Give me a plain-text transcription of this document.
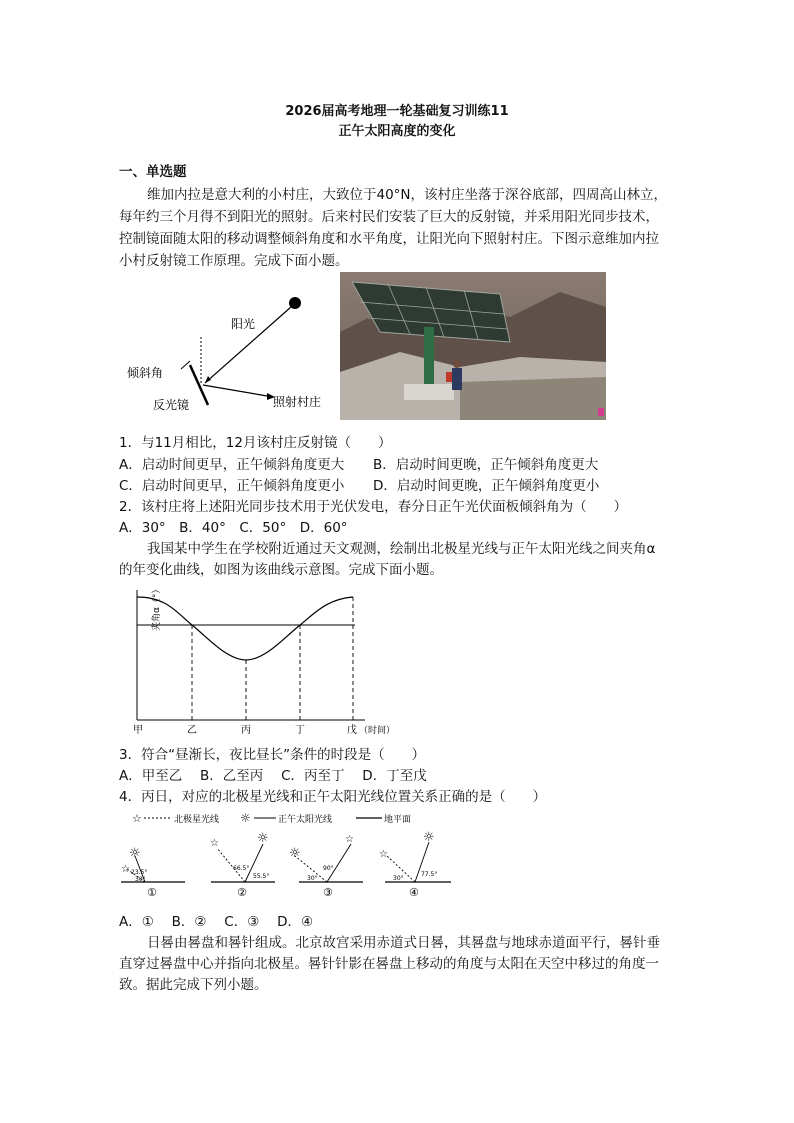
2026届高考地理一轮基础复习训练11
正午太阳高度的变化
一、单选题
维加内拉是意大利的小村庄，大致位于40°N，该村庄坐落于深谷底部，四周高山林立，
每年约三个月得不到阳光的照射。后来村民们安装了巨大的反射镜，并采用阳光同步技术，
控制镜面随太阳的移动调整倾斜角度和水平角度，让阳光向下照射村庄。下图示意维加内拉
小村反射镜工作原理。完成下面小题。
阳光
倾斜角
反光镜	照射村庄
1．与11月相比，12月该村庄反射镜（　　）
A．启动时间更早，正午倾斜角度更大 B．启动时间更晚，正午倾斜角度更大
C．启动时间更早，正午倾斜角度更小 D．启动时间更晚，正午倾斜角度更小
2．该村庄将上述阳光同步技术用于光伏发电，春分日正午光伏面板倾斜角为（　　）
A．30°　B．40°　C．50°　D．60°
我国某中学生在学校附近通过天文观测，绘制出北极星光线与正午太阳光线之间夹角α
的年变化曲线，如图为该曲线示意图。完成下面小题。
夹角α（°）
甲	乙	丙	丁	戊 （时间）
3．符合“昼渐长，夜比昼长”条件的时段是（　　）
A．甲至乙　 B．乙至丙　 C．丙至丁　 D．丁至戊
4．丙日，对应的北极星光线和正午太阳光线位置关系正确的是（　　）
☆	北极星光线 ☼	正午太阳光线	地平面
☆
☼
23.5°
30°
①
☆	☼
66.5°
55.5°
②
☼
☆
90°
30°
③
☆
☼
30°
77.5°
④
A．①　 B．②　 C．③　 D．④
日晷由晷盘和晷针组成。北京故宫采用赤道式日晷，其晷盘与地球赤道面平行，晷针垂
直穿过晷盘中心并指向北极星。晷针针影在晷盘上移动的角度与太阳在天空中移过的角度一
致。据此完成下列小题。
